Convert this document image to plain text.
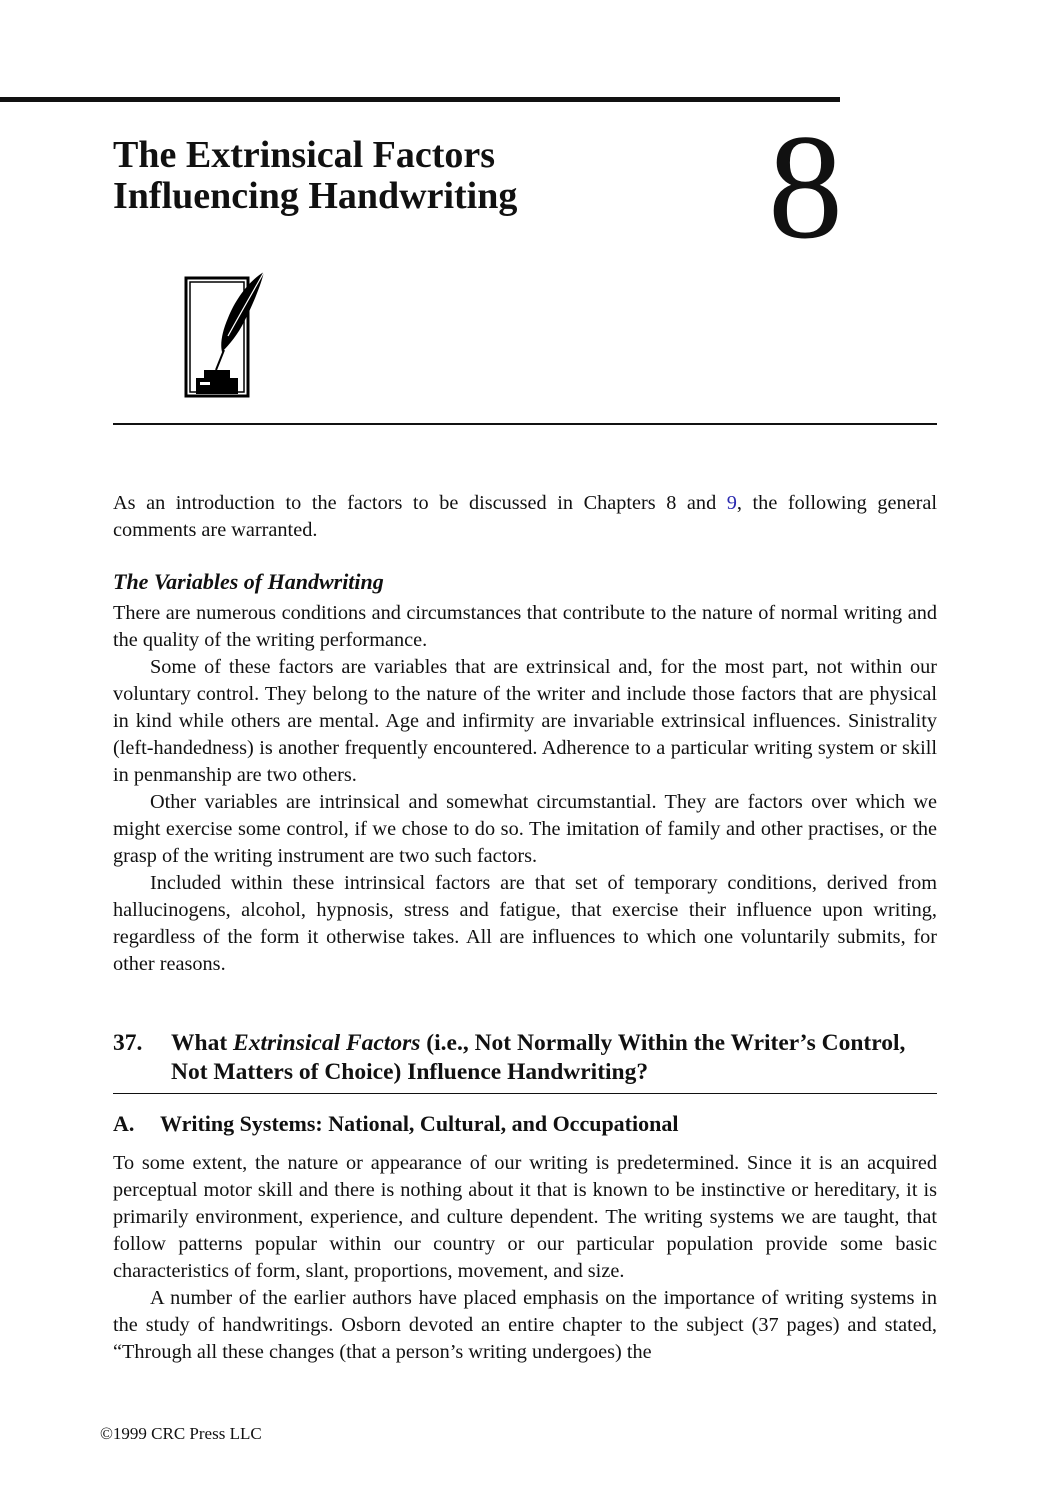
The Extrinsical Factors
Influencing Handwriting	8

As an introduction to the factors to be discussed in Chapters 8 and 9, the following general comments are warranted.

The Variables of Handwriting

There are numerous conditions and circumstances that contribute to the nature of normal writing and the quality of the writing performance.

Some of these factors are variables that are extrinsical and, for the most part, not within our voluntary control. They belong to the nature of the writer and include those factors that are physical in kind while others are mental. Age and infirmity are invariable extrinsical influences. Sinistrality (left-handedness) is another frequently encountered. Adherence to a particular writing system or skill in penmanship are two others.

Other variables are intrinsical and somewhat circumstantial. They are factors over which we might exercise some control, if we chose to do so. The imitation of family and other practises, or the grasp of the writing instrument are two such factors.

Included within these intrinsical factors are that set of temporary conditions, derived from hallucinogens, alcohol, hypnosis, stress and fatigue, that exercise their influence upon writing, regardless of the form it otherwise takes. All are influences to which one voluntarily submits, for other reasons.

37. What Extrinsical Factors (i.e., Not Normally Within the Writer’s Control, Not Matters of Choice) Influence Handwriting?
A. Writing Systems: National, Cultural, and Occupational

To some extent, the nature or appearance of our writing is predetermined. Since it is an acquired perceptual motor skill and there is nothing about it that is known to be instinctive or hereditary, it is primarily environment, experience, and culture dependent. The writing systems we are taught, that follow patterns popular within our country or our particular population provide some basic characteristics of form, slant, proportions, movement, and size.

A number of the earlier authors have placed emphasis on the importance of writing systems in the study of handwritings. Osborn devoted an entire chapter to the subject (37 pages) and stated, “Through all these changes (that a person’s writing undergoes) the

©1999 CRC Press LLC
